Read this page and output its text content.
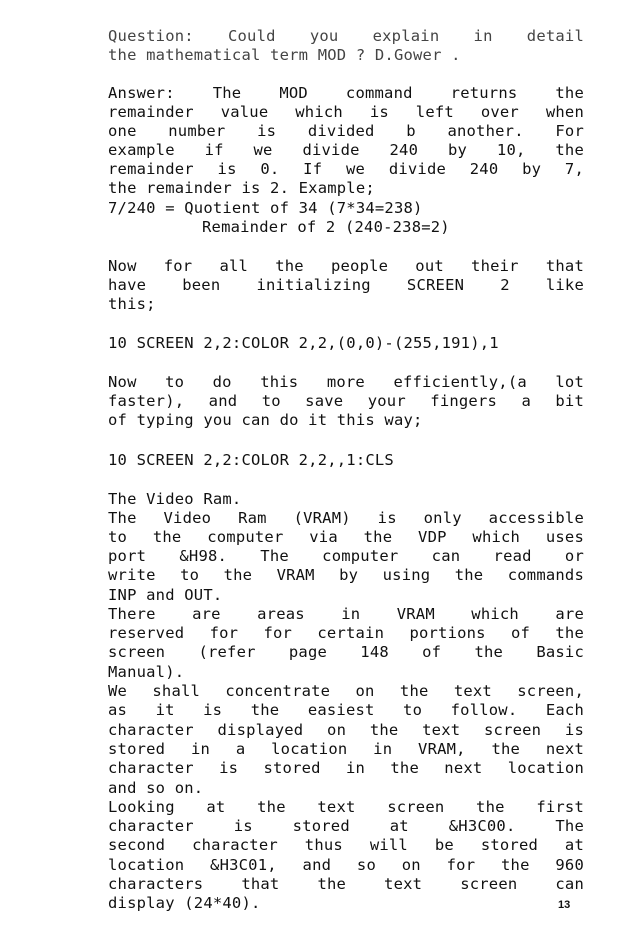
Question: Could you explain in detail
the mathematical term MOD ? D.Gower .
Answer: The MOD command returns the
remainder value which is left over when
one number is divided b another. For
example if we divide 240 by 10, the
remainder is 0. If we divide 240 by 7,
the remainder is 2. Example;
7/240 = Quotient of 34 (7*34=238)
Remainder of 2 (240-238=2)
Now for all the people out their that
have been initializing SCREEN 2 like
this;
10 SCREEN 2,2:COLOR 2,2,(0,0)-(255,191),1
Now to do this more efficiently,(a lot
faster), and to save your fingers a bit
of typing you can do it this way;
10 SCREEN 2,2:COLOR 2,2,,1:CLS
The Video Ram.
The Video Ram (VRAM) is only accessible
to the computer via the VDP which uses
port &H98. The computer can read or
write to the VRAM by using the commands
INP and OUT.
There are areas in VRAM which are
reserved for for certain portions of the
screen (refer page 148 of the Basic
Manual).
We shall concentrate on the text screen,
as it is the easiest to follow. Each
character displayed on the text screen is
stored in a location in VRAM, the next
character is stored in the next location
and so on.
Looking at the text screen the first
character is stored at &H3C00. The
second character thus will be stored at
location &H3C01, and so on for the 960
characters that the text screen can
display (24*40).	13
